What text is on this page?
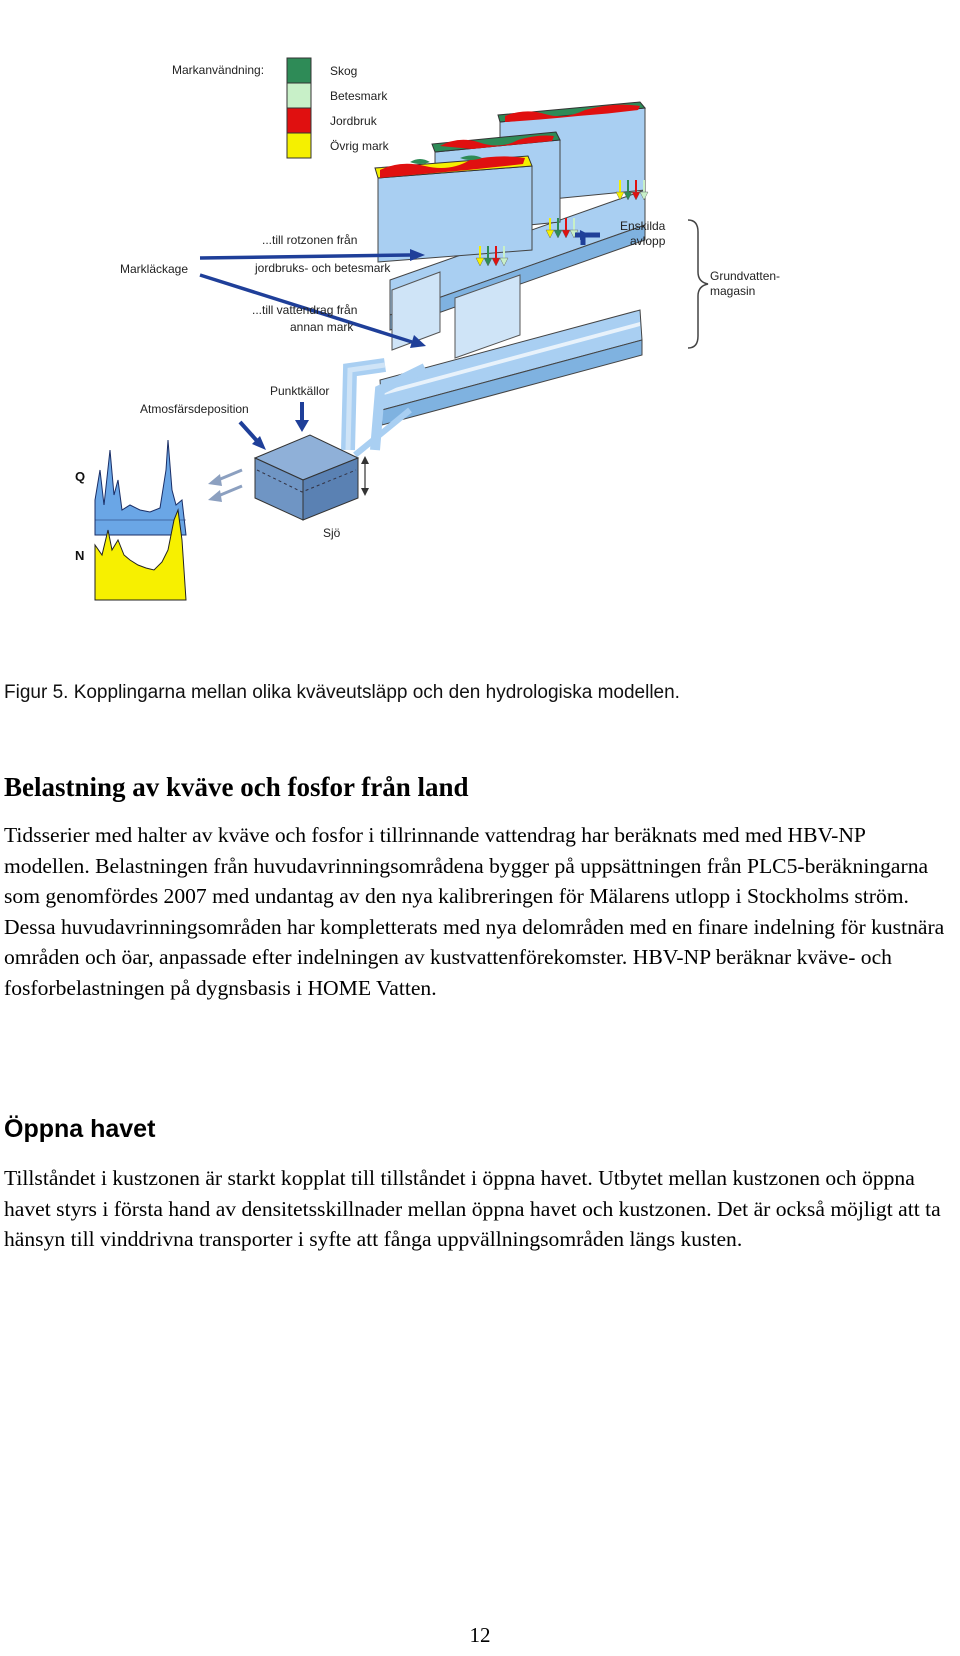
Markanvändning:	Skog
Betesmark
Jordbruk
Övrig mark
Enskilda
avlopp
Grundvatten-
magasin
Markläckage
...till rotzonen från
jordbruks- och betesmark
...till vattendrag från
annan mark
Sjö
Punktkällor
Atmosfärsdeposition
Q
N

Figur 5. Kopplingarna mellan olika kväveutsläpp och den hydrologiska modellen.

Belastning av kväve och fosfor från land

Tidsserier med halter av kväve och fosfor i tillrinnande vattendrag har beräknats med med HBV-NP modellen. Belastningen från huvudavrinningsområdena bygger på uppsättningen från PLC5-beräkningarna som genomfördes 2007 med undantag av den nya kalibreringen för Mälarens utlopp i Stockholms ström. Dessa huvudavrinningsområden har kompletterats med nya delområden med en finare indelning för kustnära områden och öar, anpassade efter indelningen av kustvattenförekomster. HBV-NP beräknar kväve- och fosforbelastningen på dygnsbasis i HOME Vatten.

Öppna havet

Tillståndet i kustzonen är starkt kopplat till tillståndet i öppna havet. Utbytet mellan kustzonen och öppna havet styrs i första hand av densitetsskillnader mellan öppna havet och kustzonen. Det är också möjligt att ta hänsyn till vinddrivna transporter i syfte att fånga uppvällningsområden längs kusten.

12
